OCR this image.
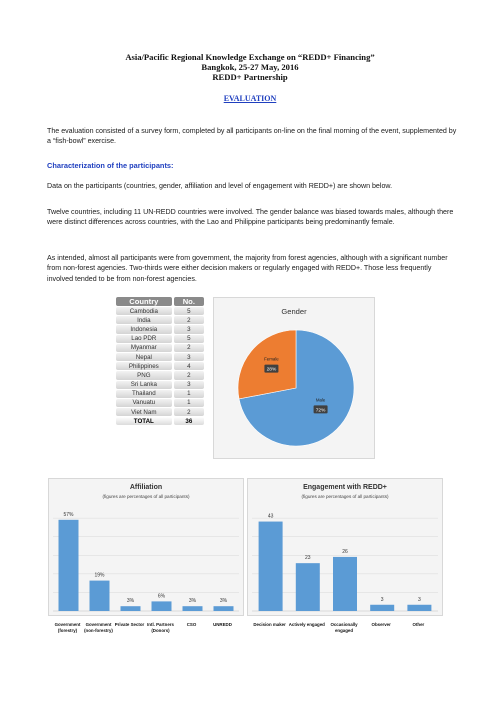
Asia/Pacific Regional Knowledge Exchange on “REDD+ Financing”
Bangkok, 25-27 May, 2016
REDD+ Partnership
EVALUATION
The evaluation consisted of a survey form, completed by all participants on-line on the final morning of the event, supplemented by a “fish-bowl” exercise.
Characterization of the participants:
Data on the participants (countries, gender, affiliation and level of engagement with REDD+) are shown below.
Twelve countries, including 11 UN-REDD countries were involved. The gender balance was biased towards males, although there were distinct differences across countries, with the Lao and Philippine participants being predominantly female.
As intended, almost all participants were from government, the majority from forest agencies, although with a significant number from non-forest agencies. Two-thirds were either decision makers or regularly engaged with REDD+. Those less frequently involved tended to be from non-forest agencies.
Country	No.
Cambodia	5
India	2
Indonesia	3
Lao PDR	5
Myanmar	2
Nepal	3
Philippines	4
PNG	2
Sri Lanka	3
Thailand	1
Vanuatu	1
Viet Nam	2
TOTAL	36
Gender
Male
72%
Female
28%
Affiliation
(figures are percentages of all participants)
57%
19%
3%
6%
3%	3%
Government (forestry)
Government (non-forestry)
Private Sector Intl. Partners (Donors)
CSO	UNREDD
Engagement with REDD+
(figures are percentages of all participants)
43
23
26
3	3
Decision maker Actively engaged	Occasionally engaged
Observer	Other
